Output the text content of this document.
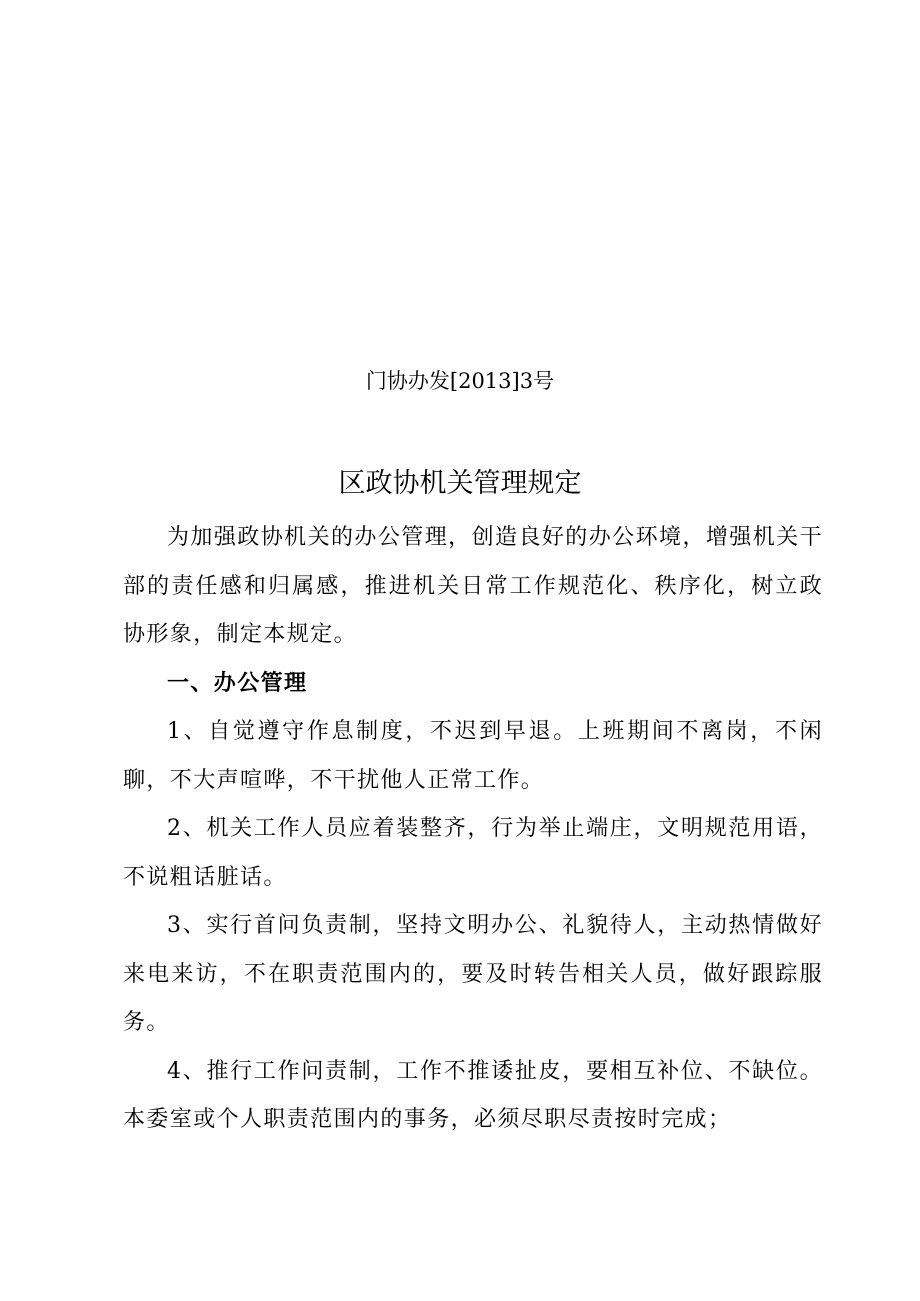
门协办发[2013]3号
区政协机关管理规定

为加强政协机关的办公管理，创造良好的办公环境，增强机关干部的责任感和归属感，推进机关日常工作规范化、秩序化，树立政协形象，制定本规定。

一、办公管理

1、自觉遵守作息制度，不迟到早退。上班期间不离岗，不闲聊，不大声喧哗，不干扰他人正常工作。

2、机关工作人员应着装整齐，行为举止端庄，文明规范用语，不说粗话脏话。

3、实行首问负责制，坚持文明办公、礼貌待人，主动热情做好来电来访，不在职责范围内的，要及时转告相关人员，做好跟踪服务。

4、推行工作问责制，工作不推诿扯皮，要相互补位、不缺位。本委室或个人职责范围内的事务，必须尽职尽责按时完成；
